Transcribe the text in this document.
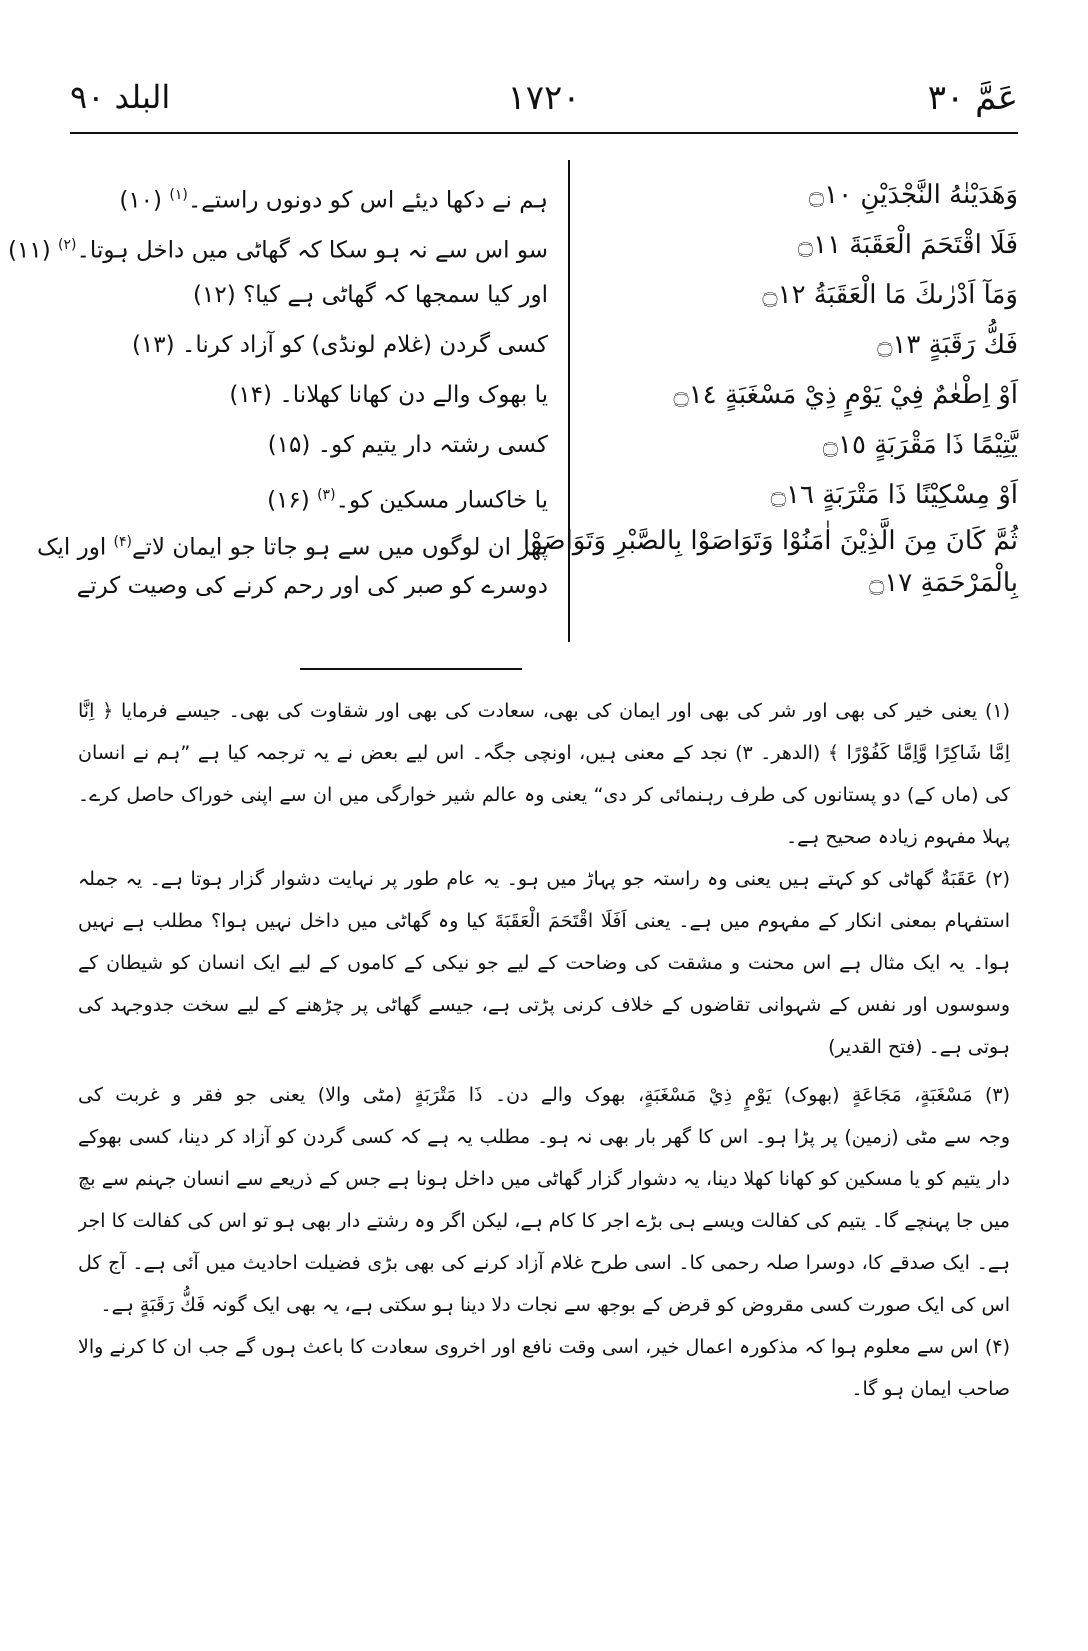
عَمَّ ۳۰
۱۷۲۰
البلد ۹۰
وَهَدَيْنٰهُ النَّجْدَيْنِ ۝١٠
فَلَا اقْتَحَمَ الْعَقَبَةَ ۝١١
وَمَآ اَدْرٰىكَ مَا الْعَقَبَةُ ۝١٢
فَكُّ رَقَبَةٍ ۝١٣
اَوْ اِطْعٰمٌ فِيْ يَوْمٍ ذِيْ مَسْغَبَةٍ ۝١٤
يَّتِيْمًا ذَا مَقْرَبَةٍ ۝١٥
اَوْ مِسْكِيْنًا ذَا مَتْرَبَةٍ ۝١٦
ثُمَّ كَانَ مِنَ الَّذِيْنَ اٰمَنُوْا وَتَوَاصَوْا بِالصَّبْرِ وَتَوَاصَوْا
بِالْمَرْحَمَةِ ۝١٧
ہم نے دکھا دیئے اس کو دونوں راستے۔$^{(۱)}$ (۱۰)
سو اس سے نہ ہو سکا کہ گھاٹی میں داخل ہوتا۔$^{(۲)}$ (۱۱)
اور کیا سمجھا کہ گھاٹی ہے کیا؟ (۱۲)
کسی گردن (غلام لونڈی) کو آزاد کرنا۔ (۱۳)
یا بھوک والے دن کھانا کھلانا۔ (۱۴)
کسی رشتہ دار یتیم کو۔ (۱۵)
یا خاکسار مسکین کو۔$^{(۳)}$ (۱۶)
پھر ان لوگوں میں سے ہو جاتا جو ایمان لاتے$^{(۴)}$ اور ایک
دوسرے کو صبر کی اور رحم کرنے کی وصیت کرتے
(۱) یعنی خیر کی بھی اور شر کی بھی اور ایمان کی بھی، سعادت کی بھی اور شقاوت کی بھی۔ جیسے فرمایا ﴿ اِنَّا
اِمَّا شَاكِرًا وَّاِمَّا كَفُوْرًا ﴾ (الدھر۔ ۳) نجد کے معنی ہیں، اونچی جگہ۔ اس لیے بعض نے یہ ترجمہ کیا ہے ”ہم نے انسان
کی (ماں کے) دو پستانوں کی طرف رہنمائی کر دی“ یعنی وہ عالم شیر خوارگی میں ان سے اپنی خوراک حاصل کرے۔
پہلا مفہوم زیادہ صحیح ہے۔
(۲) عَقَبَةٌ گھاٹی کو کہتے ہیں یعنی وہ راستہ جو پہاڑ میں ہو۔ یہ عام طور پر نہایت دشوار گزار ہوتا ہے۔ یہ جملہ
استفہام بمعنی انکار کے مفہوم میں ہے۔ یعنی اَفَلَا اقْتَحَمَ الْعَقَبَةَ کیا وہ گھاٹی میں داخل نہیں ہوا؟ مطلب ہے نہیں
ہوا۔ یہ ایک مثال ہے اس محنت و مشقت کی وضاحت کے لیے جو نیکی کے کاموں کے لیے ایک انسان کو شیطان کے
وسوسوں اور نفس کے شہوانی تقاضوں کے خلاف کرنی پڑتی ہے، جیسے گھاٹی پر چڑھنے کے لیے سخت جدوجہد کی
ہوتی ہے۔ (فتح القدیر)
(۳) مَسْغَبَةٍ، مَجَاعَةٍ (بھوک) يَوْمٍ ذِيْ مَسْغَبَةٍ، بھوک والے دن۔ ذَا مَتْرَبَةٍ (مٹی والا) یعنی جو فقر و غربت کی
وجہ سے مٹی (زمین) پر پڑا ہو۔ اس کا گھر بار بھی نہ ہو۔ مطلب یہ ہے کہ کسی گردن کو آزاد کر دینا، کسی بھوکے
دار یتیم کو یا مسکین کو کھانا کھلا دینا، یہ دشوار گزار گھاٹی میں داخل ہونا ہے جس کے ذریعے سے انسان جہنم سے بچ
میں جا پہنچے گا۔ یتیم کی کفالت ویسے ہی بڑے اجر کا کام ہے، لیکن اگر وہ رشتے دار بھی ہو تو اس کی کفالت کا اجر
ہے۔ ایک صدقے کا، دوسرا صلہ رحمی کا۔ اسی طرح غلام آزاد کرنے کی بھی بڑی فضیلت احادیث میں آئی ہے۔ آج کل
اس کی ایک صورت کسی مقروض کو قرض کے بوجھ سے نجات دلا دینا ہو سکتی ہے، یہ بھی ایک گونہ فَكُّ رَقَبَةٍ ہے۔
(۴) اس سے معلوم ہوا کہ مذکورہ اعمال خیر، اسی وقت نافع اور اخروی سعادت کا باعث ہوں گے جب ان کا کرنے والا
صاحب ایمان ہو گا۔
